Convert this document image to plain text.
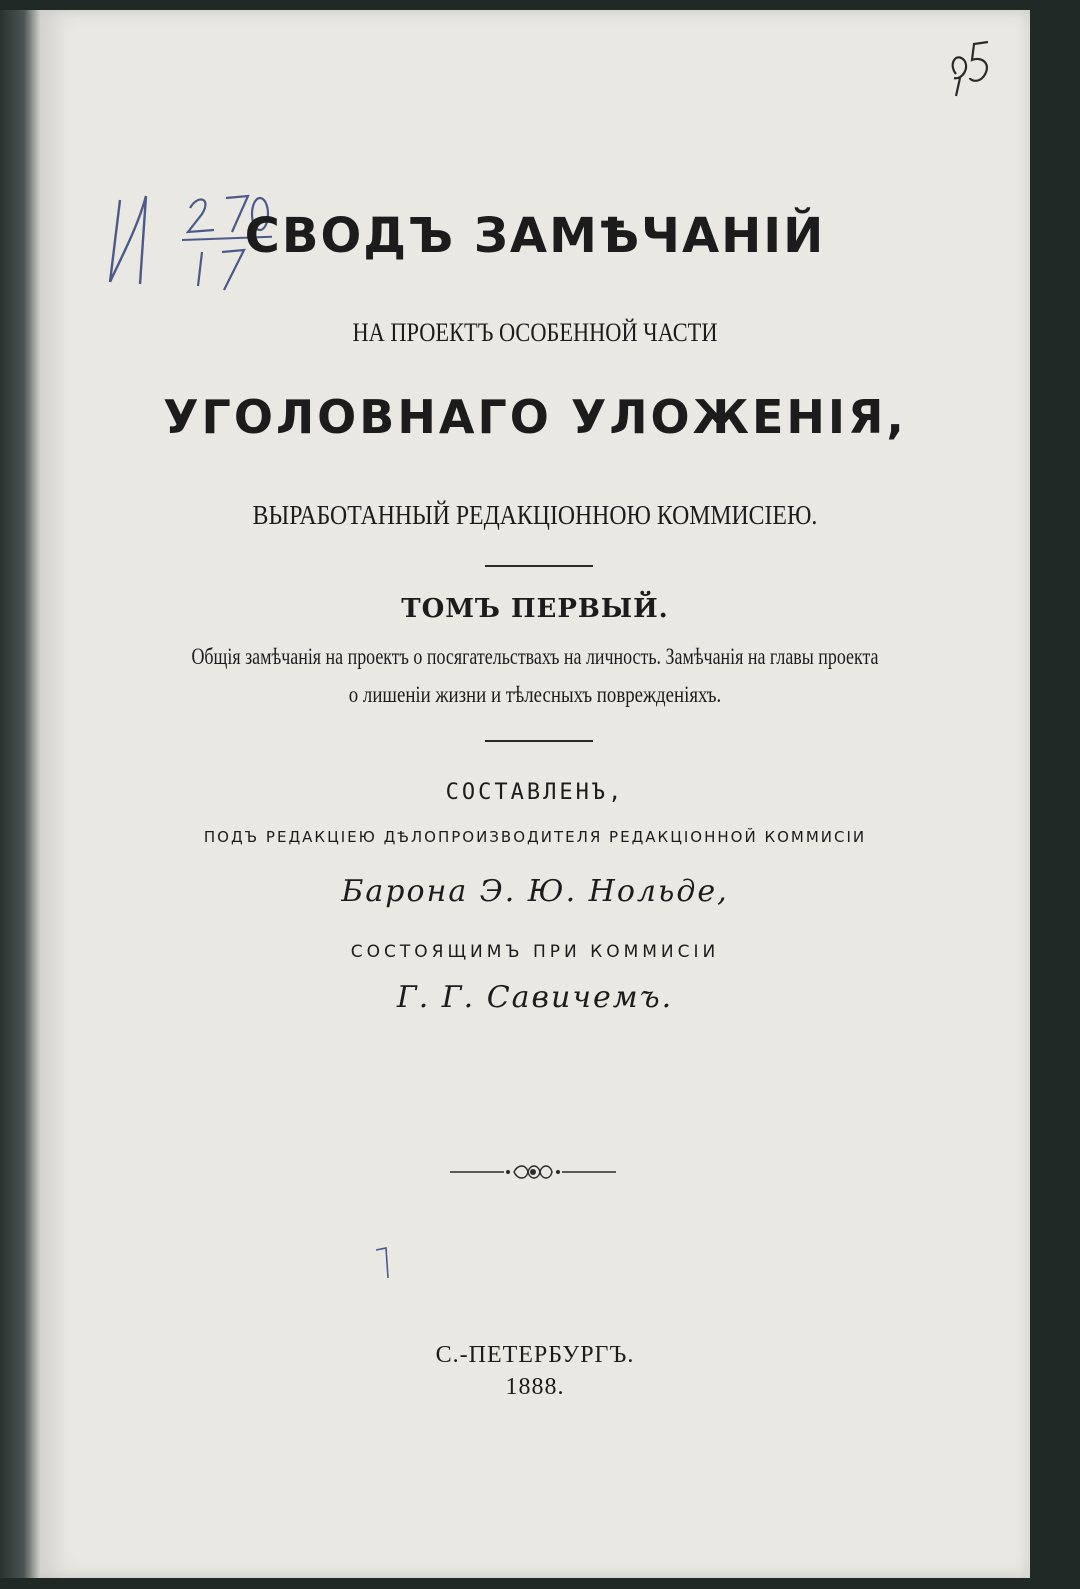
СВОДЪ ЗАМѢЧАНІЙ
НА ПРОЕКТЪ ОСОБЕННОЙ ЧАСТИ
УГОЛОВНАГО УЛОЖЕНІЯ,
ВЫРАБОТАННЫЙ РЕДАКЦІОННОЮ КОММИСІЕЮ.
ТОМЪ ПЕРВЫЙ.
Общія замѣчанія на проектъ о посягательствахъ на личность. Замѣчанія на главы проекта
о лишеніи жизни и тѣлесныхъ поврежденіяхъ.
СОСТАВЛЕНЪ,
ПОДЪ РЕДАКЦІЕЮ ДѢЛОПРОИЗВОДИТЕЛЯ РЕДАКЦІОННОЙ КОММИСІИ
Барона Э. Ю. Нольде,
СОСТОЯЩИМЪ ПРИ КОММИСІИ
Г. Г. Савичемъ.
С.-ПЕТЕРБУРГЪ.
1888.
